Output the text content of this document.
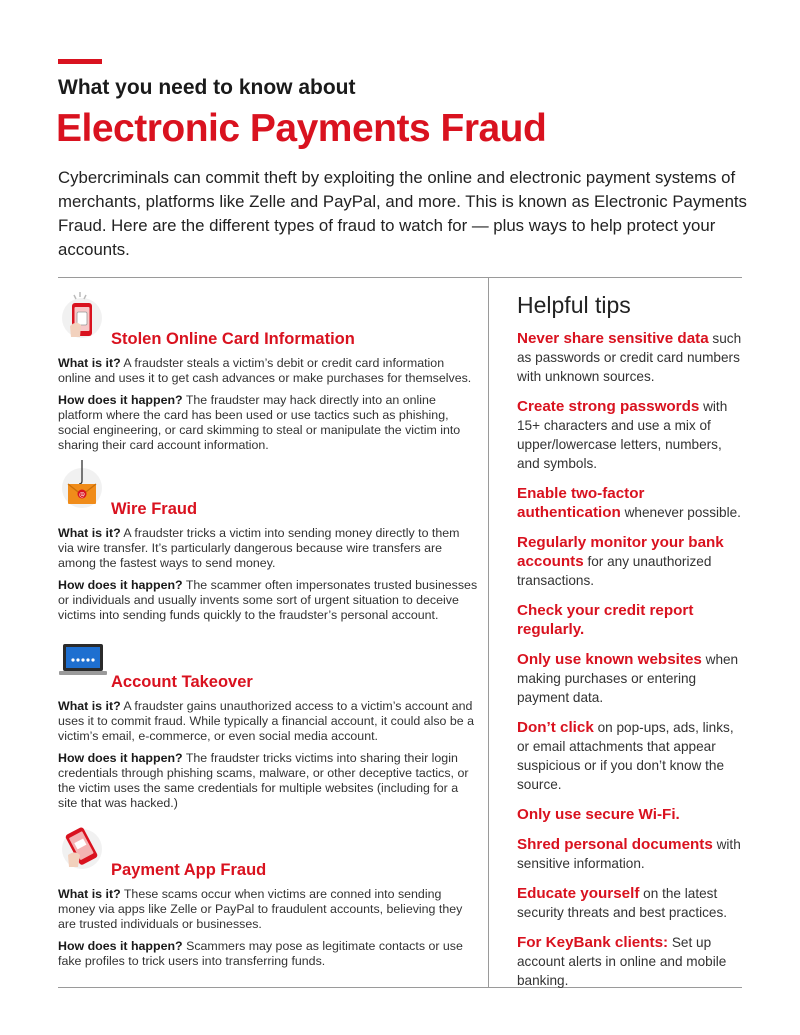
What you need to know about
Electronic Payments Fraud
Cybercriminals can commit theft by exploiting the online and electronic payment systems of merchants, platforms like Zelle and PayPal, and more. This is known as Electronic Payments Fraud. Here are the different types of fraud to watch for — plus ways to help protect your accounts.
Stolen Online Card Information

What is it? A fraudster steals a victim’s debit or credit card information online and uses it to get cash advances or make purchases for themselves.

How does it happen? The fraudster may hack directly into an online platform where the card has been used or use tactics such as phishing, social engineering, or card skimming to steal or manipulate the victim into sharing their card account information.

@
Wire Fraud

What is it? A fraudster tricks a victim into sending money directly to them via wire transfer. It’s particularly dangerous because wire transfers are among the fastest ways to send money.

How does it happen? The scammer often impersonates trusted businesses or individuals and usually invents some sort of urgent situation to deceive victims into sending funds quickly to the fraudster’s personal account.

Account Takeover

What is it? A fraudster gains unauthorized access to a victim’s account and uses it to commit fraud. While typically a financial account, it could also be a victim’s email, e-commerce, or even social media account.

How does it happen? The fraudster tricks victims into sharing their login credentials through phishing scams, malware, or other deceptive tactics, or the victim uses the same credentials for multiple websites (including for a site that was hacked.)

Payment App Fraud

What is it? These scams occur when victims are conned into sending money via apps like Zelle or PayPal to fraudulent accounts, believing they are trusted individuals or businesses.

How does it happen? Scammers may pose as legitimate contacts or use fake profiles to trick users into transferring funds.

Helpful tips
Never share sensitive data such as passwords or credit card numbers with unknown sources.
Create strong passwords with 15+ characters and use a mix of upper/lowercase letters, numbers, and symbols.
Enable two-factor authentication whenever possible.
Regularly monitor your bank accounts for any unauthorized transactions.
Check your credit report regularly.
Only use known websites when making purchases or entering payment data.
Don’t click on pop-ups, ads, links, or email attachments that appear suspicious or if you don’t know the source.
Only use secure Wi-Fi.
Shred personal documents with sensitive information.
Educate yourself on the latest security threats and best practices.
For KeyBank clients: Set up account alerts in online and mobile banking.
